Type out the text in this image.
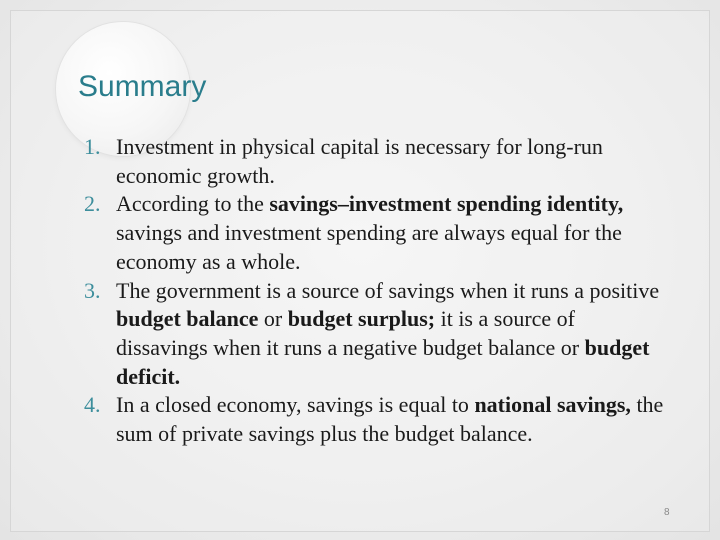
Summary
1. Investment in physical capital is necessary for long-run economic growth.
2. According to the savings–investment spending identity, savings and investment spending are always equal for the economy as a whole.
3. The government is a source of savings when it runs a positive budget balance or budget surplus; it is a source of dissavings when it runs a negative budget balance or budget deficit.
4. In a closed economy, savings is equal to national savings, the sum of private savings plus the budget balance.
8
